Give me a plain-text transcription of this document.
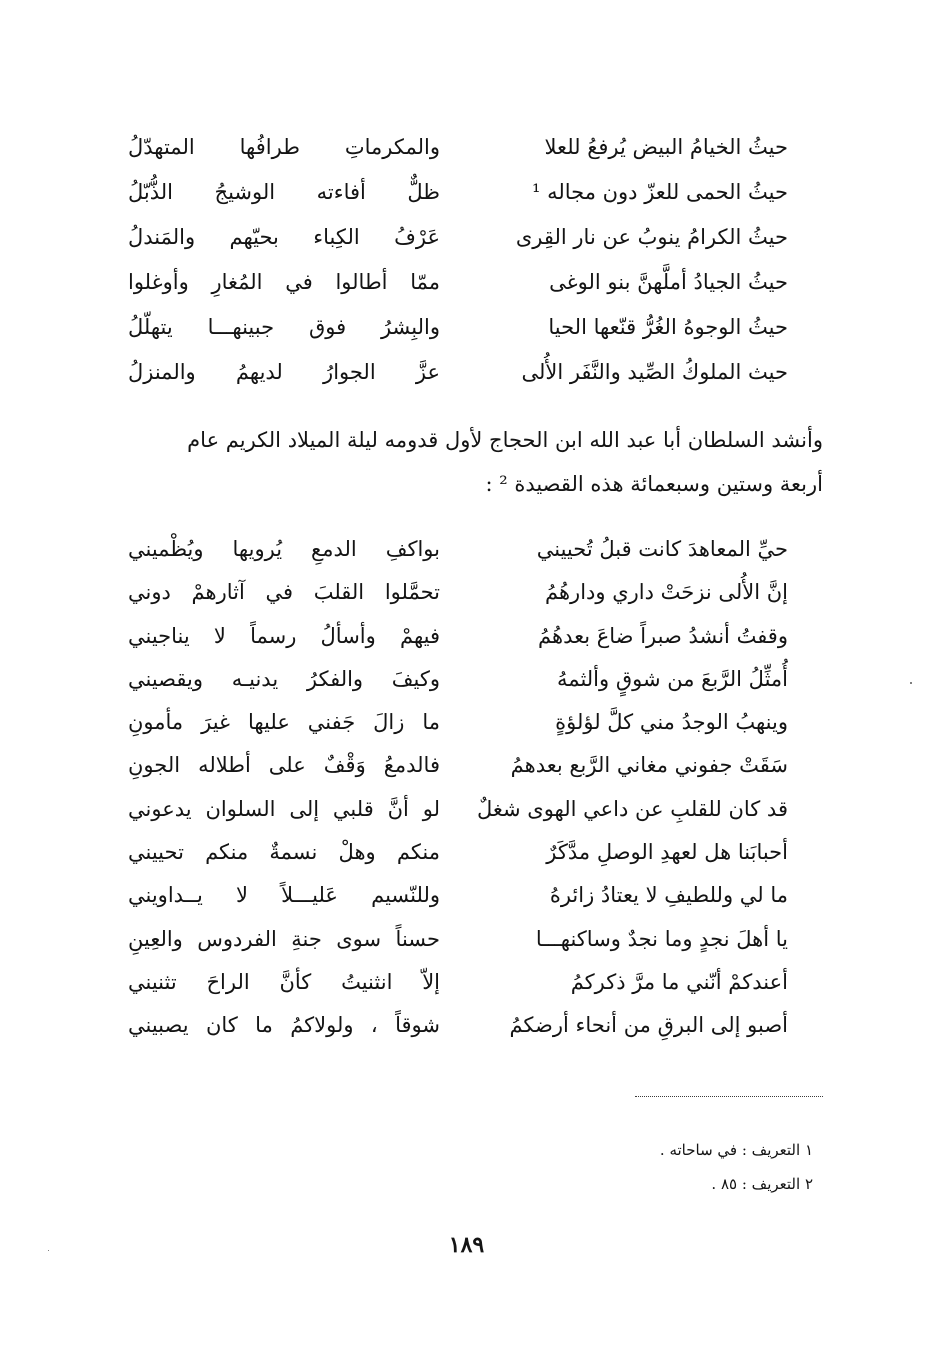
حيثُ الخيامُ البيض يُرفعُ للعلا
والمكرماتِ طرافُها المتهدّلُ
حيثُ الحمى للعزّ دون مجاله ¹
ظلٌّ أفاءته الوشيجُ الذُّبّلُ
حيثُ الكرامُ ينوبُ عن نار القِرى
عَرْفُ الكِباء بحيّهم والمَندلُ
حيثُ الجيادُ أملَّهنَّ بنو الوغى
ممّا أطالوا في المُغارِ وأوغلوا
حيثُ الوجوهُ الغُرُّ قنّعها الحيا
والبِشرُ فوق جبينهـــا يتهلّلُ
حيث الملوكُ الصِّيد والنَّفَر الأُلى
عزَّ الجوارُ لديهمُ والمنزلُ

وأنشد السلطان أبا عبد الله ابن الحجاج لأول قدومه ليلة الميلاد الكريم عام

أربعة وستين وسبعمائة هذه القصيدة ² :

حيِّ المعاهدَ كانت قبلُ تُحييني
بواكفِ الدمعِ يُرويها ويُظْميني
إنَّ الأُلى نزحَتْ داري ودارهُمُ
تحمَّلوا القلبَ في آثارهمْ دوني
وقفتُ أنشدُ صبراً ضاعَ بعدهُمُ
فيهمْ وأسألُ رسماً لا يناجيني
أُمثِّلُ الرَّبعَ من شوقٍ وألثمهُ
وكيفَ والفكرُ يدنيـه ويقصيني
وينهبُ الوجدُ مني كلَّ لؤلؤةٍ
ما زالَ جَفني عليها غيرَ مأمونِ
سَقَتْ جفوني مغاني الرَّبع بعدهمُ
فالدمعُ وَقْفٌ على أطلاله الجونِ
قد كان للقلبِ عن داعي الهوى شغلٌ
لو أنَّ قلبي إلى السلوان يدعوني
أحبابَنا هل لعهدِ الوصلِ مدَّكَرٌ
منكم وهلْ نسمةٌ منكم تحييني
ما لي وللطيفِ لا يعتادُ زائرهُ
وللنّسيم عَليـــلاً لا يــداويني
يا أهلَ نجدٍ وما نجدٌ وساكنهـــا
حسناً سوى جنةِ الفردوس والعِينِ
أعندكمْ أنّني ما مرَّ ذكركمُ
إلاّ انثنيتُ كأنَّ الراحَ تثنيني
أصبو إلى البرقِ من أنحاء أرضكمُ
شوقاً ، ولولاكمُ ما كان يصبيني
١ التعريف : في ساحاته .
٢ التعريف : ٨٥ .
١٨٩
